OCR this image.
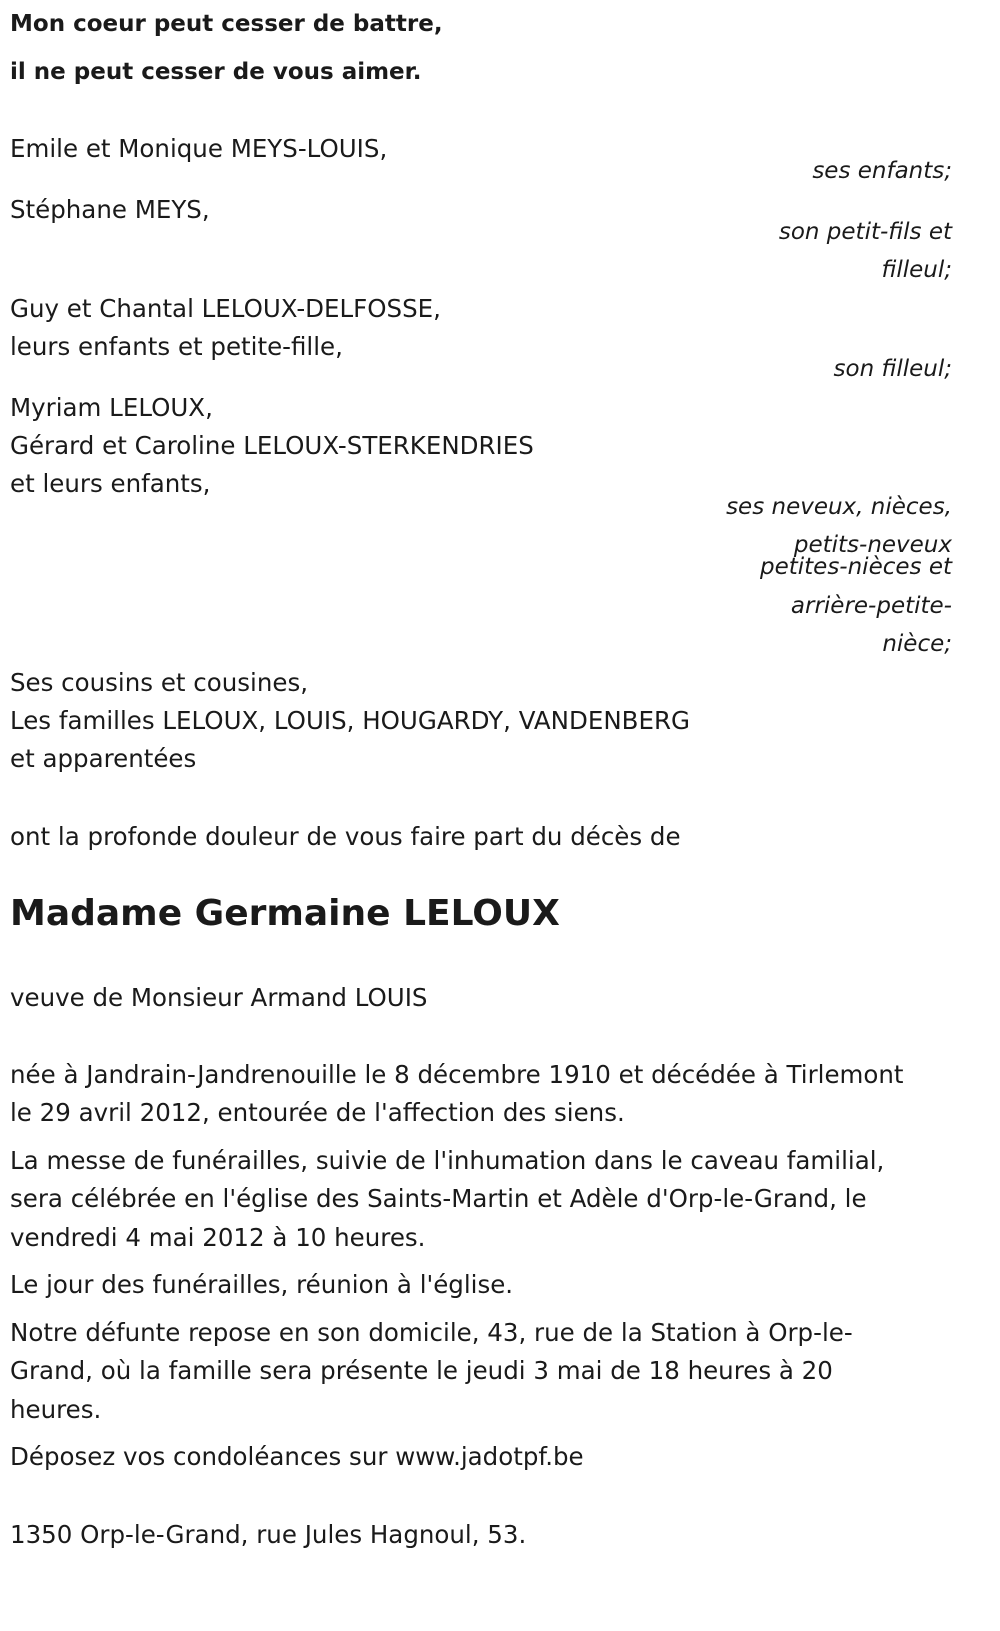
Mon coeur peut cesser de battre,
il ne peut cesser de vous aimer.
Emile et Monique MEYS-LOUIS,
ses enfants;
Stéphane MEYS,
son petit-fils et
filleul;
Guy et Chantal LELOUX-DELFOSSE,
leurs enfants et petite-fille,
son filleul;
Myriam LELOUX,
Gérard et Caroline LELOUX-STERKENDRIES
et leurs enfants,
ses neveux, nièces,
petits-neveux
petites-nièces et
arrière-petite-
nièce;
Ses cousins et cousines,
Les familles LELOUX, LOUIS, HOUGARDY, VANDENBERG
et apparentées
ont la profonde douleur de vous faire part du décès de
Madame Germaine LELOUX
veuve de Monsieur Armand LOUIS
née à Jandrain-Jandrenouille le 8 décembre 1910 et décédée à Tirlemont
le 29 avril 2012, entourée de l'affection des siens.
La messe de funérailles, suivie de l'inhumation dans le caveau familial,
sera célébrée en l'église des Saints-Martin et Adèle d'Orp-le-Grand, le
vendredi 4 mai 2012 à 10 heures.
Le jour des funérailles, réunion à l'église.
Notre défunte repose en son domicile, 43, rue de la Station à Orp-le-
Grand, où la famille sera présente le jeudi 3 mai de 18 heures à 20
heures.
Déposez vos condoléances sur www.jadotpf.be
1350 Orp-le-Grand, rue Jules Hagnoul, 53.
